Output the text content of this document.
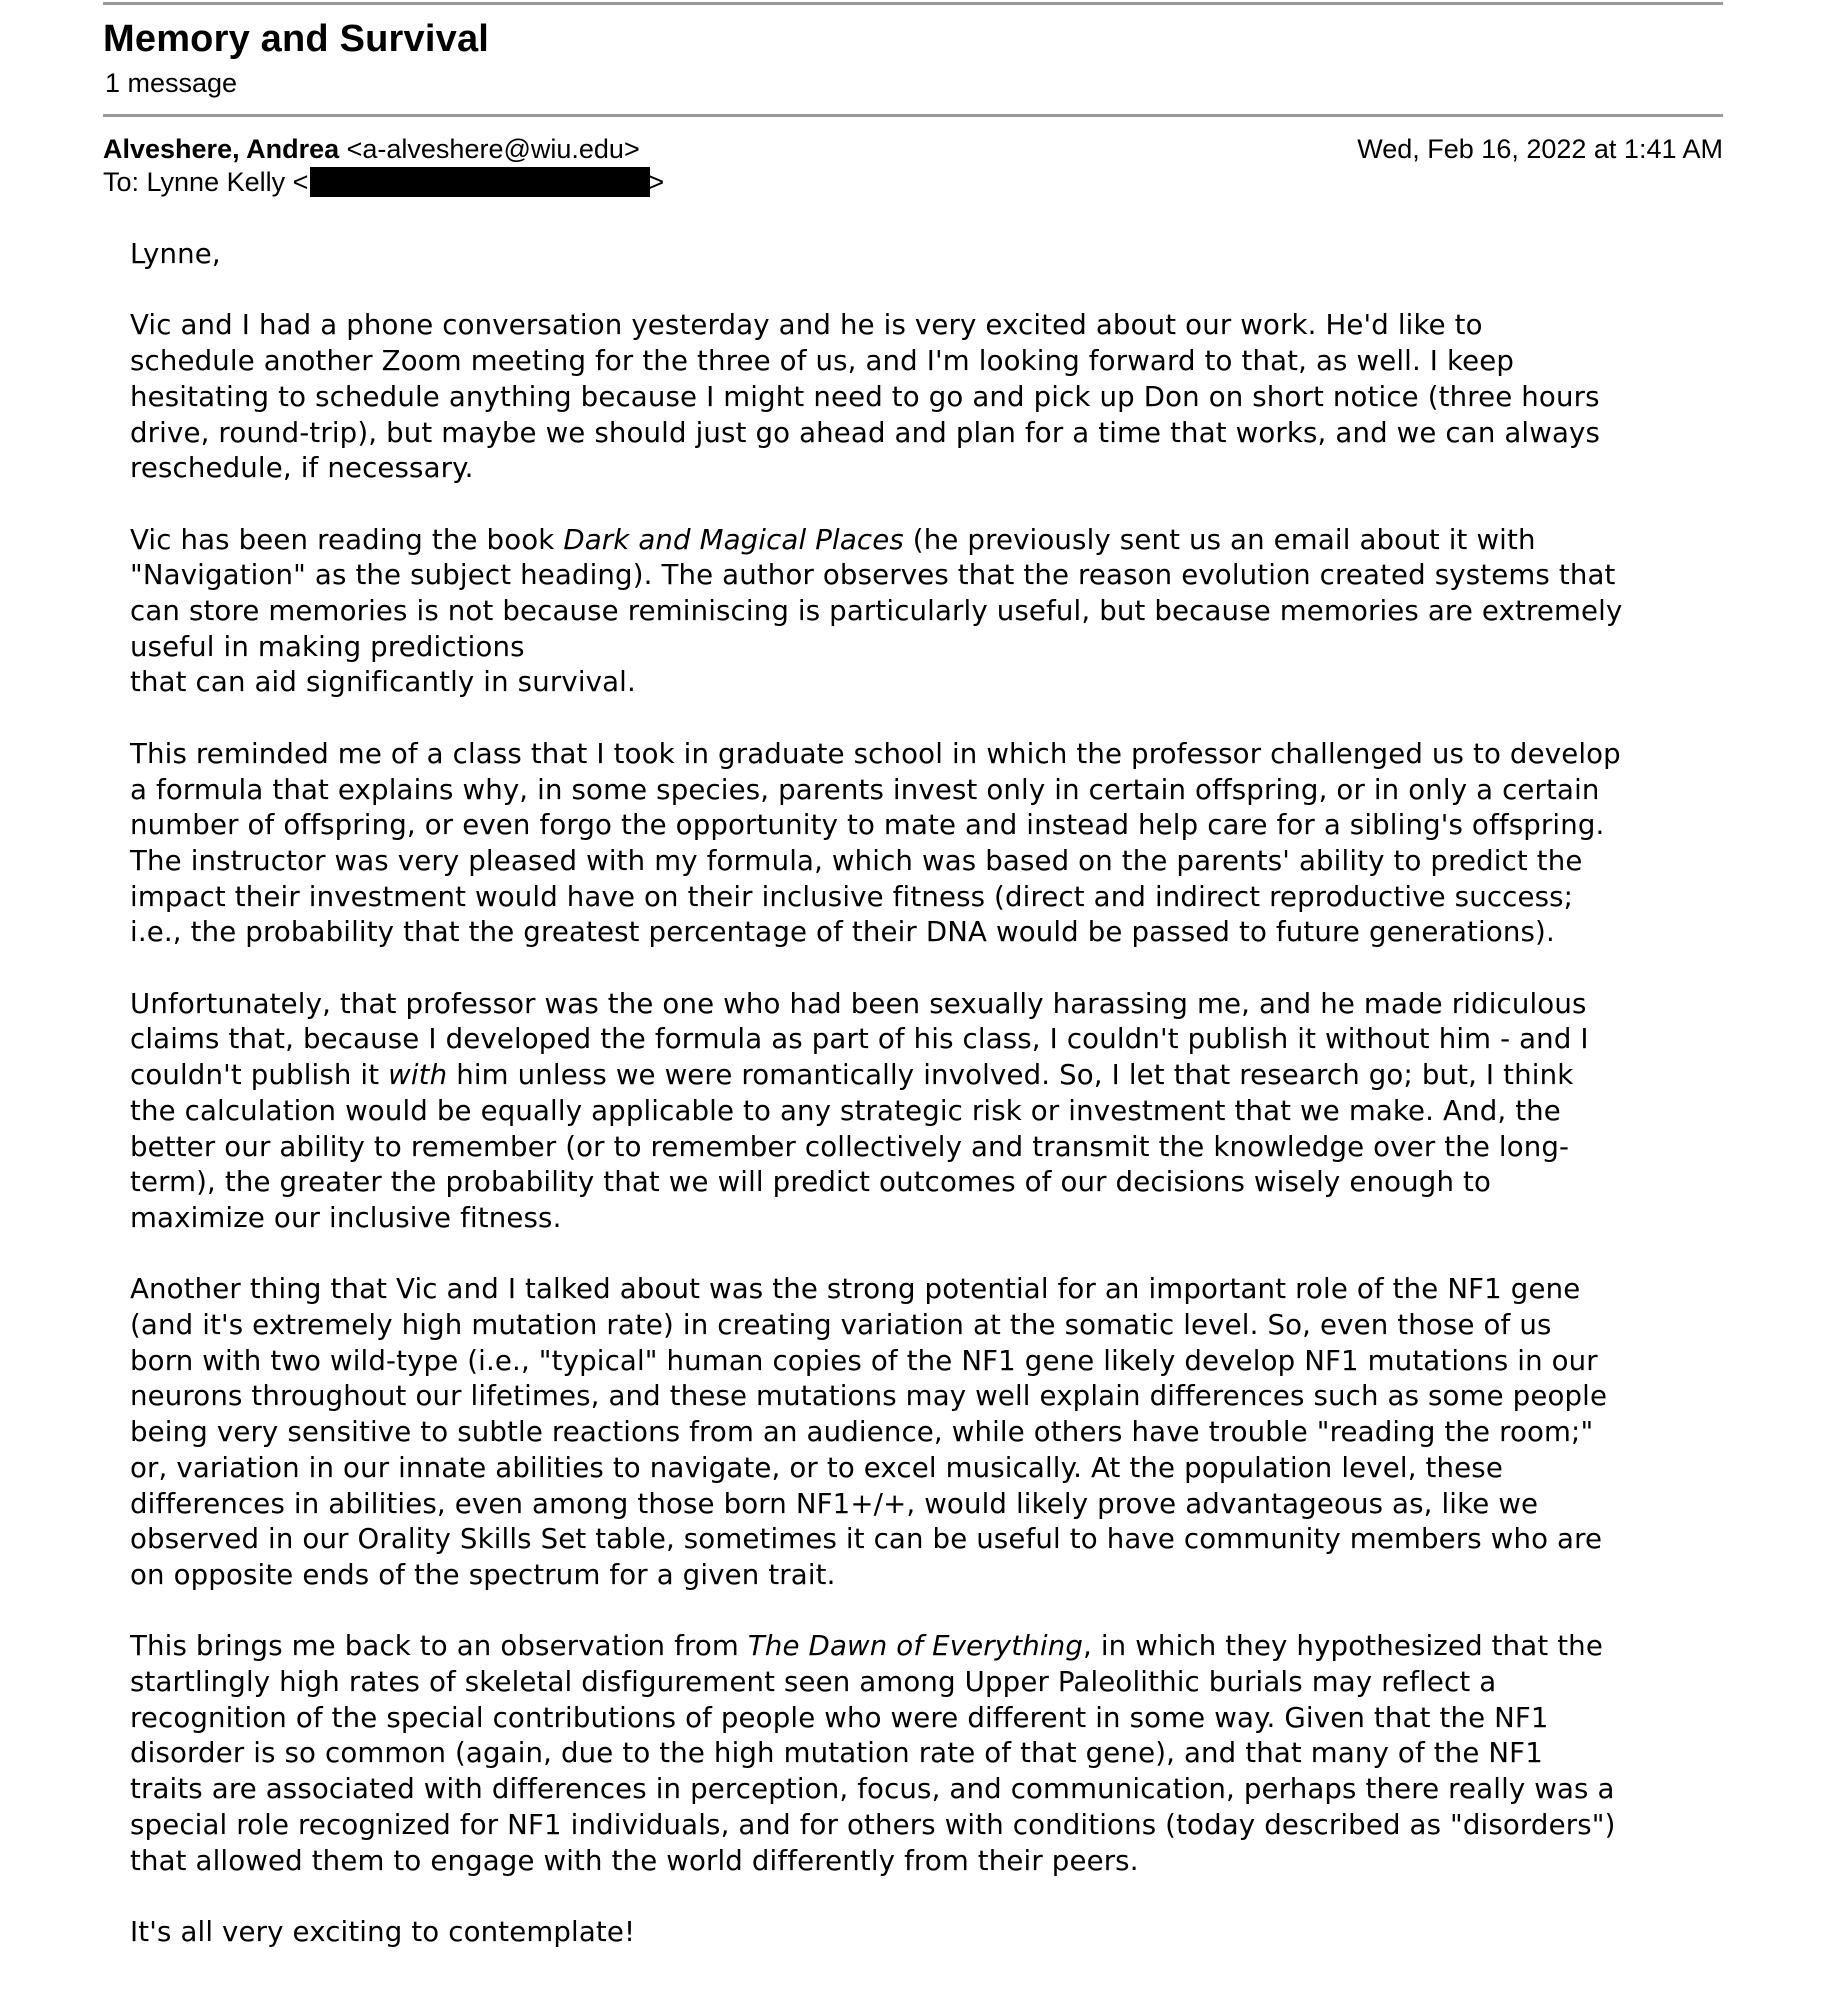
Memory and Survival
1 message
Alveshere, Andrea <a-alveshere@wiu.edu>	Wed, Feb 16, 2022 at 1:41 AM
To: Lynne Kelly <	>

Lynne,

Vic and I had a phone conversation yesterday and he is very excited about our work. He'd like to
schedule another Zoom meeting for the three of us, and I'm looking forward to that, as well. I keep
hesitating to schedule anything because I might need to go and pick up Don on short notice (three hours
drive, round-trip), but maybe we should just go ahead and plan for a time that works, and we can always
reschedule, if necessary.

Vic has been reading the book Dark and Magical Places (he previously sent us an email about it with
"Navigation" as the subject heading). The author observes that the reason evolution created systems that
can store memories is not because reminiscing is particularly useful, but because memories are extremely
useful in making predictions
that can aid significantly in survival.

This reminded me of a class that I took in graduate school in which the professor challenged us to develop
a formula that explains why, in some species, parents invest only in certain offspring, or in only a certain
number of offspring, or even forgo the opportunity to mate and instead help care for a sibling's offspring.
The instructor was very pleased with my formula, which was based on the parents' ability to predict the
impact their investment would have on their inclusive fitness (direct and indirect reproductive success;
i.e., the probability that the greatest percentage of their DNA would be passed to future generations).

Unfortunately, that professor was the one who had been sexually harassing me, and he made ridiculous
claims that, because I developed the formula as part of his class, I couldn't publish it without him - and I
couldn't publish it with him unless we were romantically involved. So, I let that research go; but, I think
the calculation would be equally applicable to any strategic risk or investment that we make. And, the
better our ability to remember (or to remember collectively and transmit the knowledge over the long-
term), the greater the probability that we will predict outcomes of our decisions wisely enough to
maximize our inclusive fitness.

Another thing that Vic and I talked about was the strong potential for an important role of the NF1 gene
(and it's extremely high mutation rate) in creating variation at the somatic level. So, even those of us
born with two wild-type (i.e., "typical" human copies of the NF1 gene likely develop NF1 mutations in our
neurons throughout our lifetimes, and these mutations may well explain differences such as some people
being very sensitive to subtle reactions from an audience, while others have trouble "reading the room;"
or, variation in our innate abilities to navigate, or to excel musically. At the population level, these
differences in abilities, even among those born NF1+/+, would likely prove advantageous as, like we
observed in our Orality Skills Set table, sometimes it can be useful to have community members who are
on opposite ends of the spectrum for a given trait.

This brings me back to an observation from The Dawn of Everything, in which they hypothesized that the
startlingly high rates of skeletal disfigurement seen among Upper Paleolithic burials may reflect a
recognition of the special contributions of people who were different in some way. Given that the NF1
disorder is so common (again, due to the high mutation rate of that gene), and that many of the NF1
traits are associated with differences in perception, focus, and communication, perhaps there really was a
special role recognized for NF1 individuals, and for others with conditions (today described as "disorders")
that allowed them to engage with the world differently from their peers.

It's all very exciting to contemplate!
